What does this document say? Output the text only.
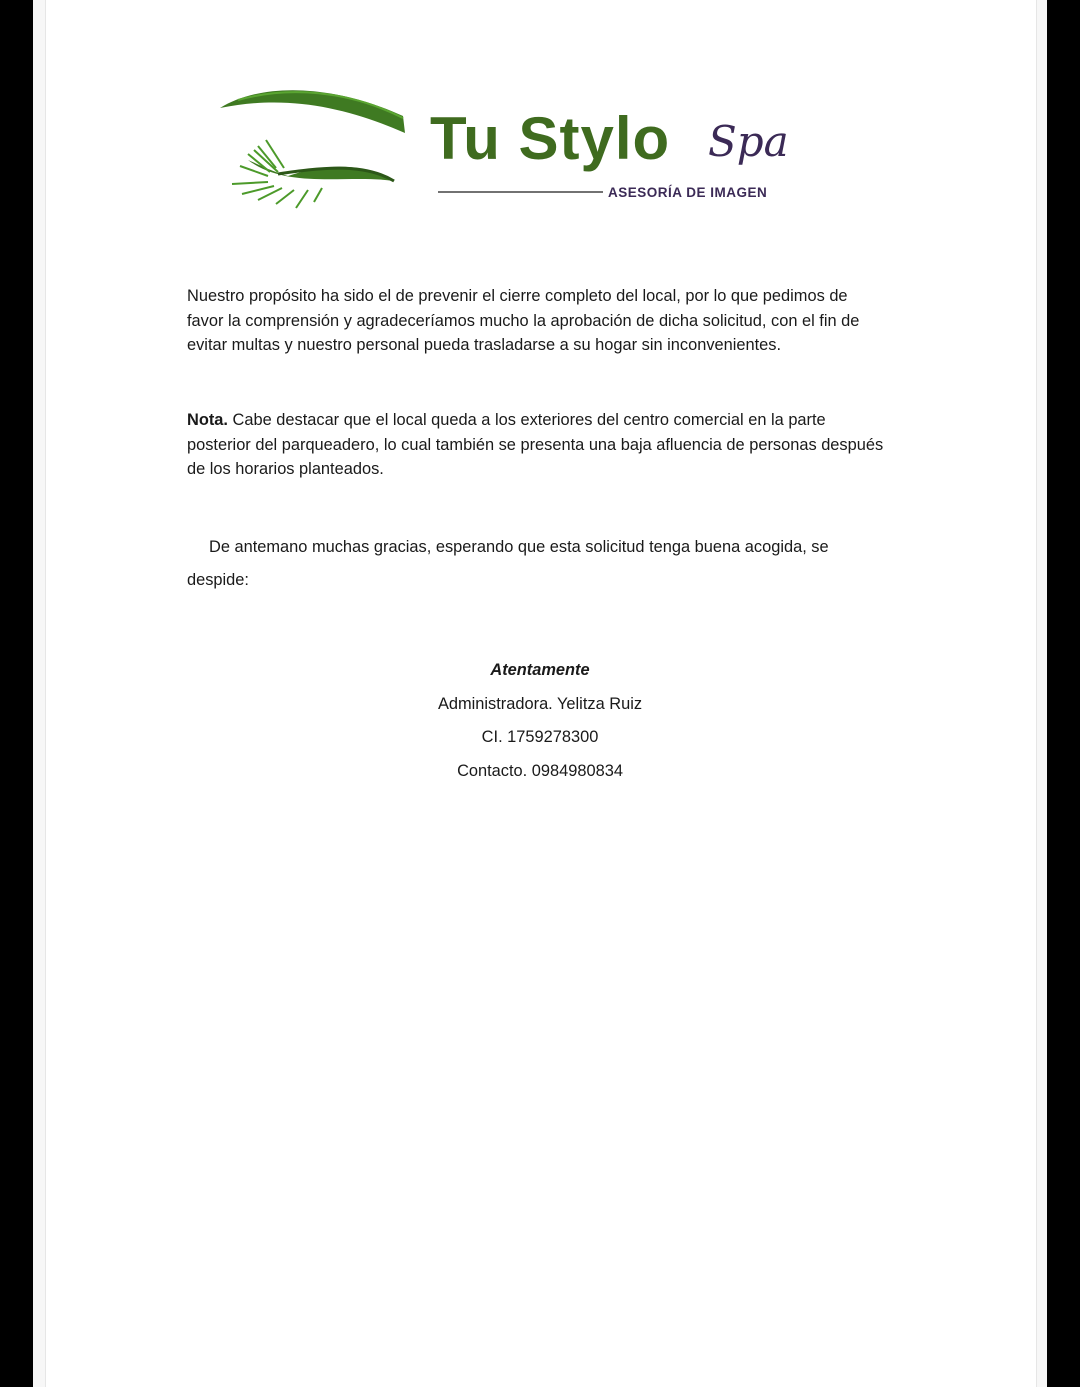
Tu Stylo Spa
ASESORÍA DE IMAGEN
Nuestro propósito ha sido el de prevenir el cierre completo del local, por lo que pedimos de favor la comprensión y agradeceríamos mucho la aprobación de dicha solicitud, con el fin de evitar multas y nuestro personal pueda trasladarse a su hogar sin inconvenientes.
Nota. Cabe destacar que el local queda a los exteriores del centro comercial en la parte posterior del parqueadero, lo cual también se presenta una baja afluencia de personas después de los horarios planteados.
De antemano muchas gracias, esperando que esta solicitud tenga buena acogida, se despide:
Atentamente
Administradora. Yelitza Ruiz
CI. 1759278300
Contacto. 0984980834
